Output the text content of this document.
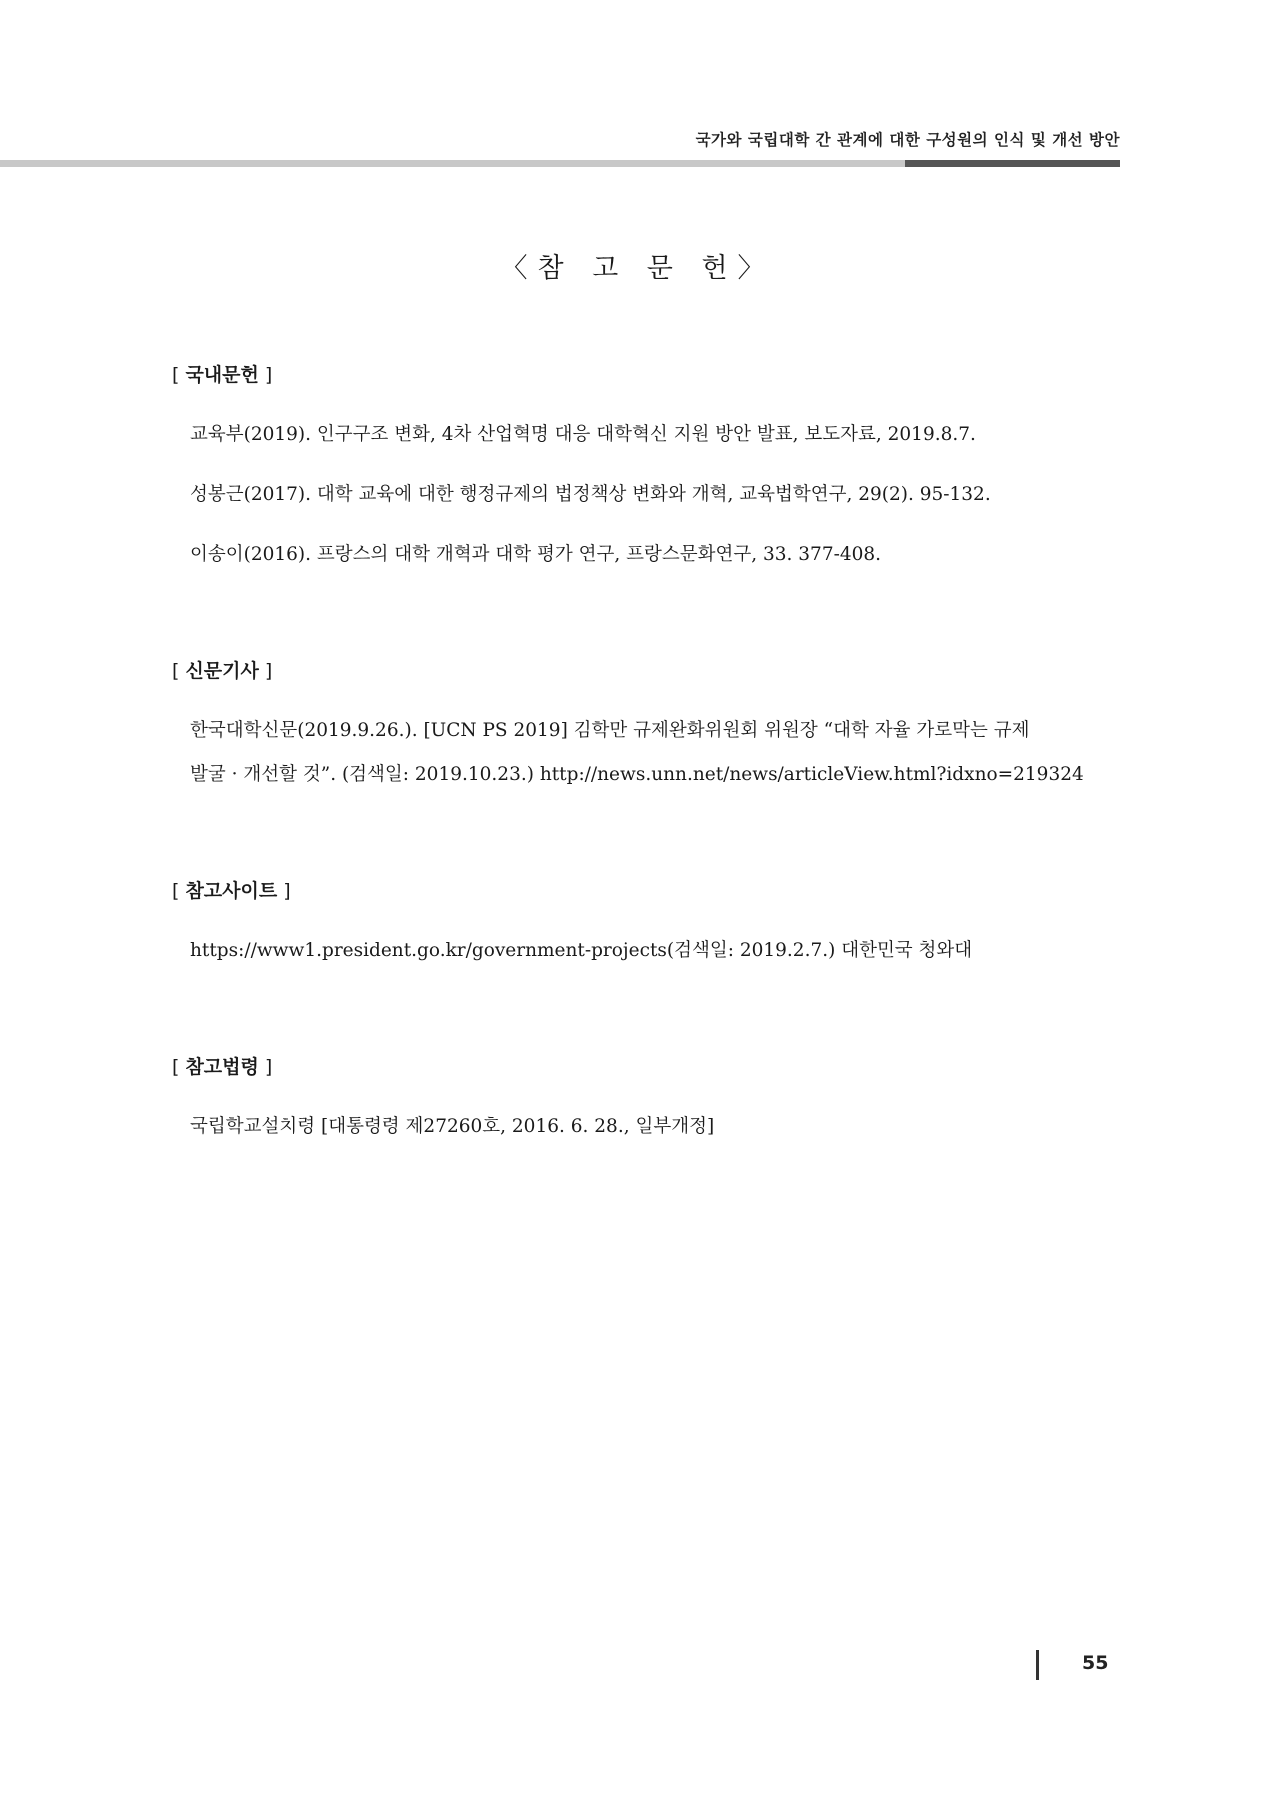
국가와 국립대학 간 관계에 대한 구성원의 인식 및 개선 방안
〈참 고 문 헌〉
[ 국내문헌 ]
교육부(2019). 인구구조 변화, 4차 산업혁명 대응 대학혁신 지원 방안 발표, 보도자료, 2019.8.7.
성봉근(2017). 대학 교육에 대한 행정규제의 법정책상 변화와 개혁, 교육법학연구, 29(2). 95-132.
이송이(2016). 프랑스의 대학 개혁과 대학 평가 연구, 프랑스문화연구, 33. 377-408.
[ 신문기사 ]
한국대학신문(2019.9.26.). [UCN PS 2019] 김학만 규제완화위원회 위원장 “대학 자율 가로막는 규제
발굴 · 개선할 것”. (검색일: 2019.10.23.) http://news.unn.net/news/articleView.html?idxno=219324
[ 참고사이트 ]
https://www1.president.go.kr/government-projects(검색일: 2019.2.7.) 대한민국 청와대
[ 참고법령 ]
국립학교설치령 [대통령령 제27260호, 2016. 6. 28., 일부개정]
55
